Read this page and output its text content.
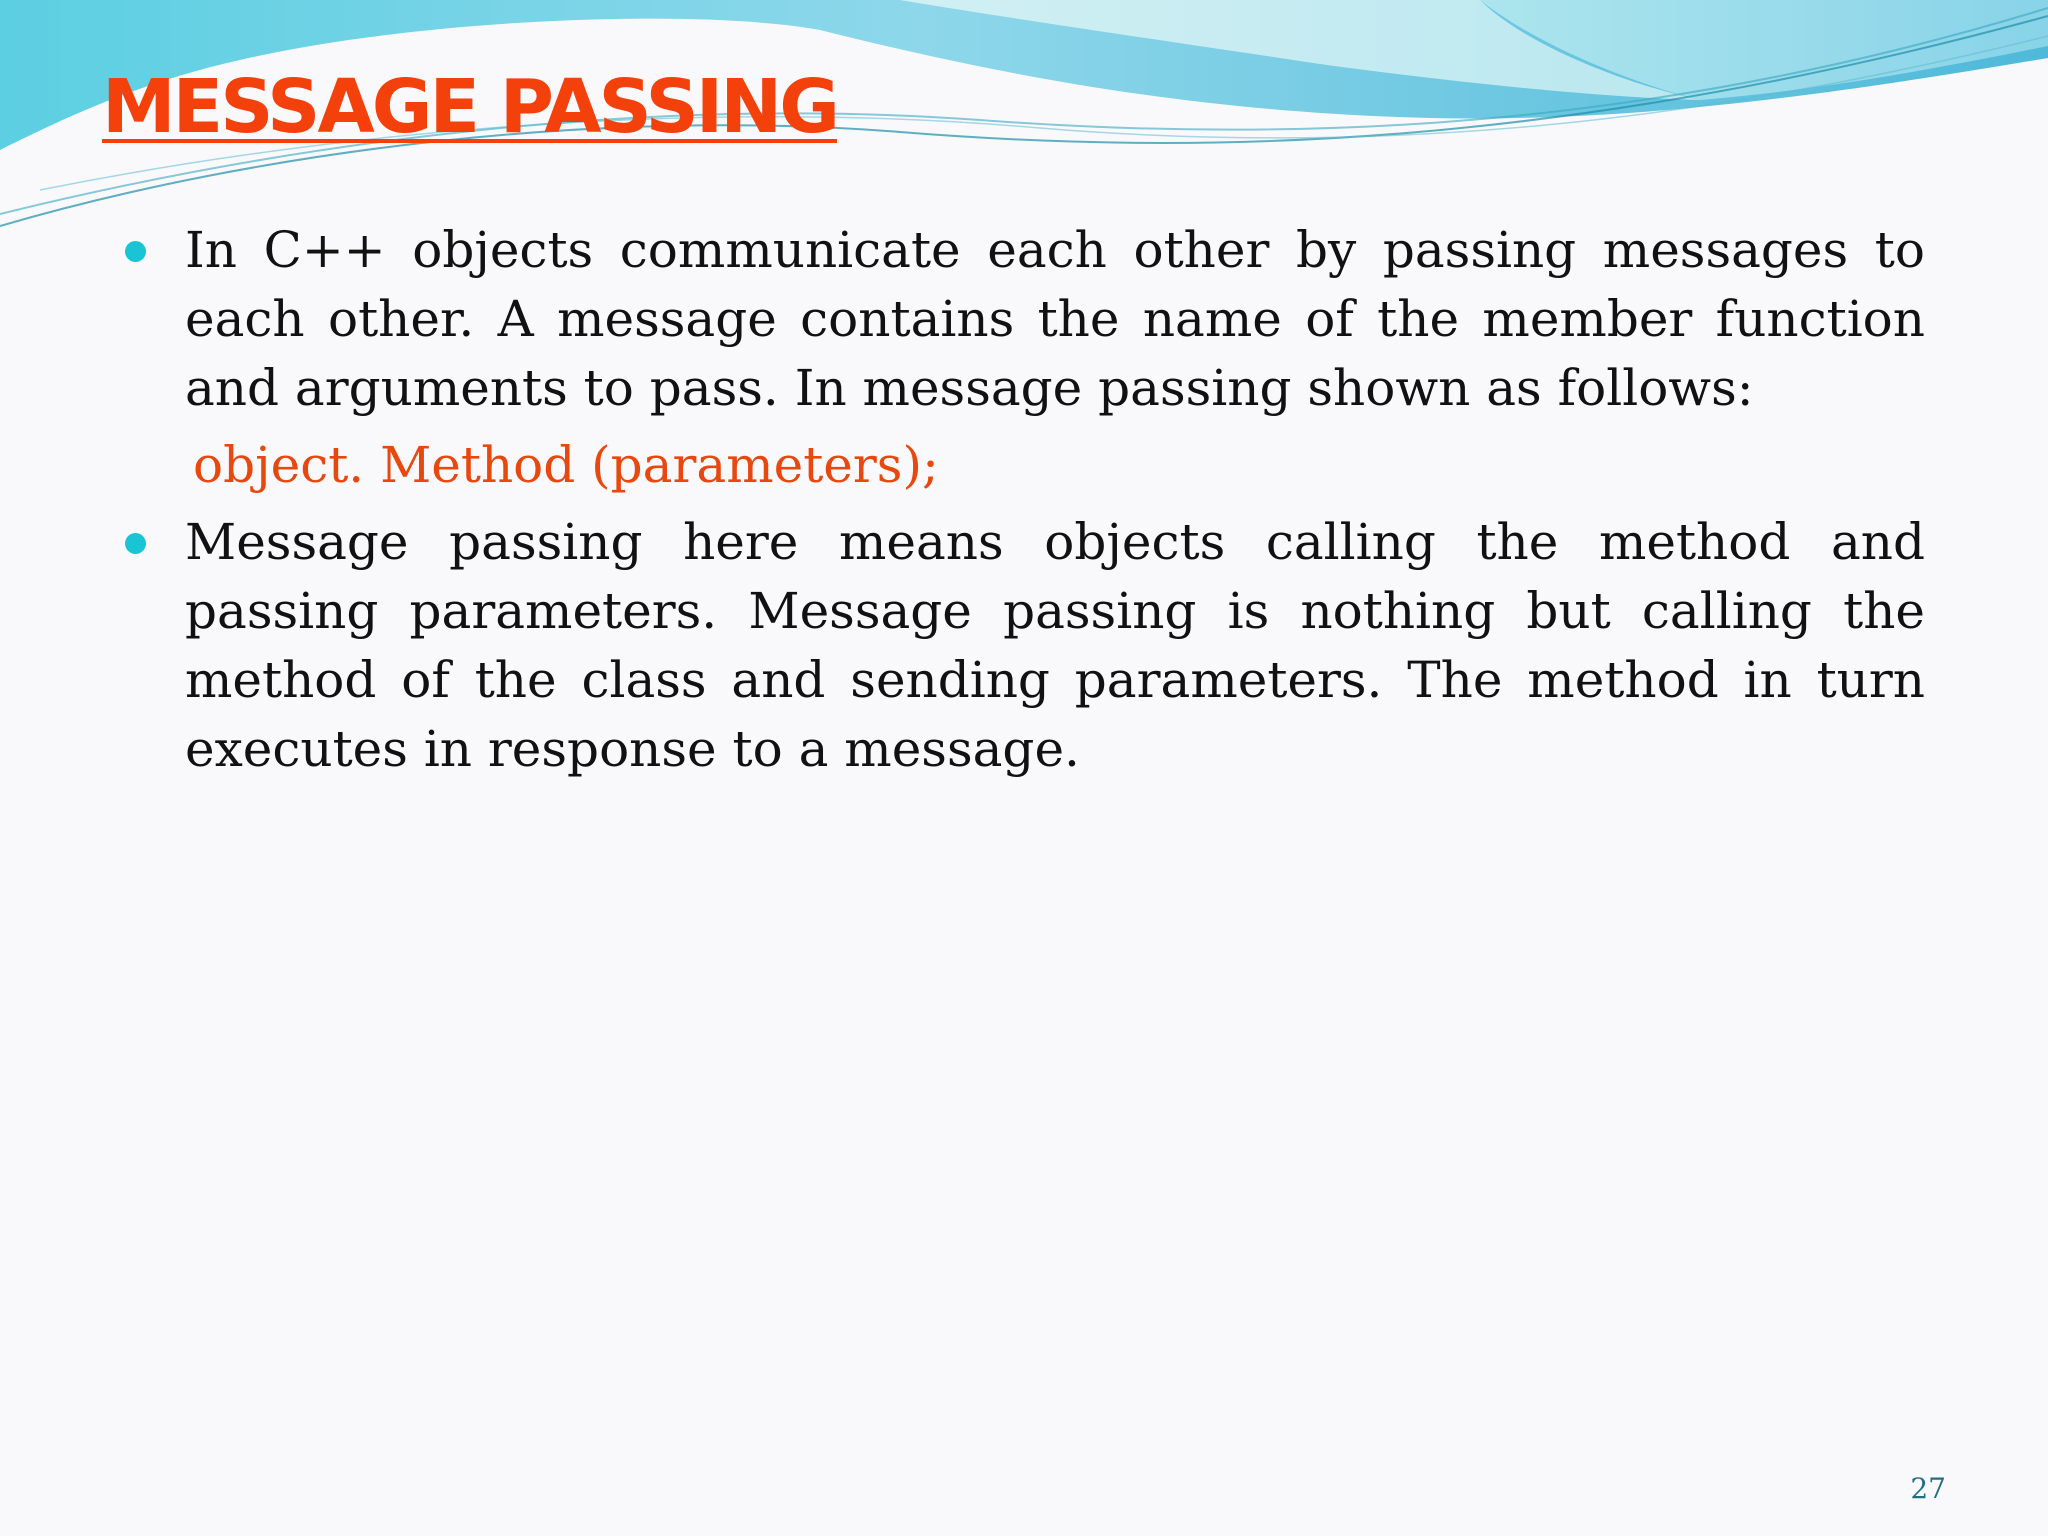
MESSAGE PASSING
In C++ objects communicate each other by passing messages to each other. A message contains the name of the member function and arguments to pass. In message passing shown as follows:
object. Method (parameters);
Message passing here means objects calling the method and passing parameters. Message passing is nothing but calling the method of the class and sending parameters. The method in turn executes in response to a message.
27
